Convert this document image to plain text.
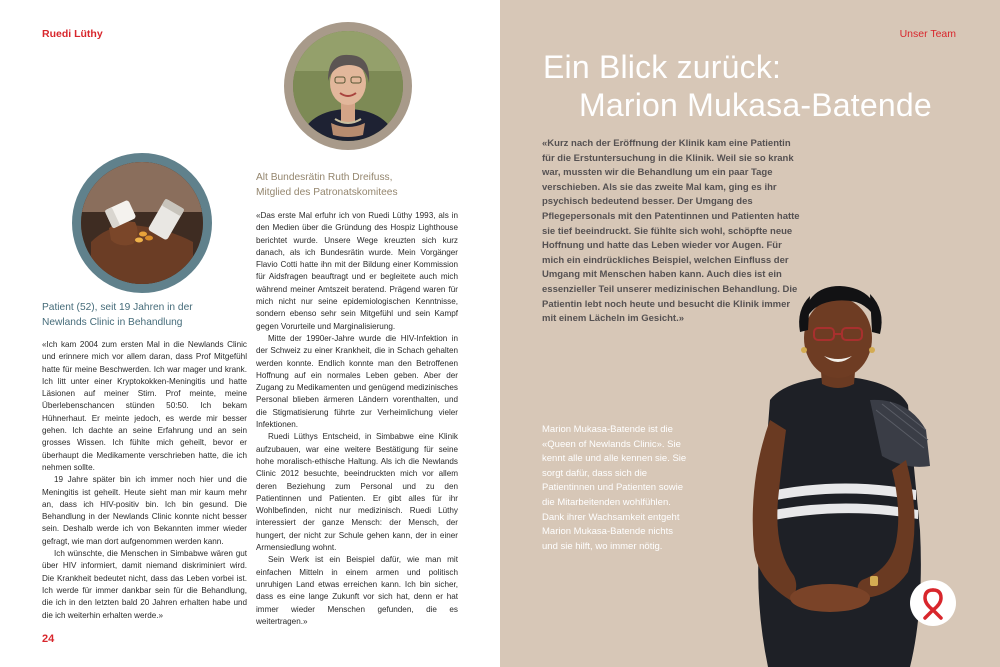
Ruedi Lüthy
Alt Bundesrätin Ruth Dreifuss,
Mitglied des Patronatskomitees
Patient (52), seit 19 Jahren in der
Newlands Clinic in Behandlung

«Ich kam 2004 zum ersten Mal in die Newlands Clinic und erinnere mich vor allem daran, dass Prof Mitgefühl hatte für meine Beschwerden. Ich war mager und krank. Ich litt unter einer Kryptokokken-Meningitis und hatte Läsionen auf meiner Stirn. Prof meinte, meine Überlebenschancen stünden 50:50. Ich bekam Hühnerhaut. Er meinte jedoch, es werde mir besser gehen. Ich dachte an seine Erfahrung und an sein grosses Wissen. Ich fühlte mich geheilt, bevor er überhaupt die Medikamente verschrieben hatte, die ich nehmen sollte.

19 Jahre später bin ich immer noch hier und die Meningitis ist geheilt. Heute sieht man mir kaum mehr an, dass ich HIV-positiv bin. Ich bin gesund. Die Behandlung in der Newlands Clinic konnte nicht besser sein. Deshalb werde ich von Bekannten immer wieder gefragt, wie man dort aufgenommen werden kann.

Ich wünschte, die Menschen in Simbabwe wären gut über HIV informiert, damit niemand diskriminiert wird. Die Krankheit bedeutet nicht, dass das Leben vorbei ist. Ich werde für immer dankbar sein für die Behandlung, die ich in den letzten bald 20 Jahren erhalten habe und die ich weiterhin erhalten werde.»

«Das erste Mal erfuhr ich von Ruedi Lüthy 1993, als in den Medien über die Gründung des Hospiz Lighthouse berichtet wurde. Unsere Wege kreuzten sich kurz danach, als ich Bundesrätin wurde. Mein Vorgänger Flavio Cotti hatte ihn mit der Bildung einer Kommission für Aidsfragen beauftragt und er begleitete auch mich während meiner Amtszeit beratend. Prägend waren für mich nicht nur seine epidemiologischen Kenntnisse, sondern ebenso sehr sein Mitgefühl und sein Kampf gegen Vorurteile und Marginalisierung.

Mitte der 1990er-Jahre wurde die HIV-Infektion in der Schweiz zu einer Krankheit, die in Schach gehalten werden konnte. Endlich konnte man den Betroffenen Hoffnung auf ein normales Leben geben. Aber der Zugang zu Medikamenten und genügend medizinisches Personal blieben ärmeren Ländern vorenthalten, und die Stigmatisierung führte zur Verheimlichung vieler Infektionen.

Ruedi Lüthys Entscheid, in Simbabwe eine Klinik aufzubauen, war eine weitere Bestätigung für seine hohe moralisch-ethische Haltung. Als ich die Newlands Clinic 2012 besuchte, beeindruckten mich vor allem deren Beziehung zum Personal und zu den Patientinnen und Patienten. Er gibt alles für ihr Wohlbefinden, nicht nur medizinisch. Ruedi Lüthy interessiert der ganze Mensch: der Mensch, der hungert, der nicht zur Schule gehen kann, der in einer Armensiedlung wohnt.

Sein Werk ist ein Beispiel dafür, wie man mit einfachen Mitteln in einem armen und politisch unruhigen Land etwas erreichen kann. Ich bin sicher, dass es eine lange Zukunft vor sich hat, denn er hat immer wieder Menschen gefunden, die es weitertragen.»

24
Unser Team
Ein Blick zurück:
Marion Mukasa-Batende
«Kurz nach der Eröffnung der Klinik kam eine Patientin für die Erstuntersuchung in die Klinik. Weil sie so krank war, mussten wir die Behandlung um ein paar Tage verschieben. Als sie das zweite Mal kam, ging es ihr psychisch bedeutend besser. Der Umgang des Pflegepersonals mit den Patentinnen und Patienten hatte sie tief beeindruckt. Sie fühlte sich wohl, schöpfte neue Hoffnung und hatte das Leben wieder vor Augen. Für mich ein eindrückliches Beispiel, welchen Einfluss der Umgang mit Menschen haben kann. Auch dies ist ein essenzieller Teil unserer medizinischen Behandlung. Die Patientin lebt noch heute und besucht die Klinik immer mit einem Lächeln im Gesicht.»
Marion Mukasa-Batende ist die «Queen of Newlands Clinic». Sie kennt alle und alle kennen sie. Sie sorgt dafür, dass sich die Patientinnen und Patienten sowie die Mitarbeitenden wohlfühlen. Dank ihrer Wachsamkeit entgeht Marion Mukasa-Batende nichts und sie hilft, wo immer nötig.
